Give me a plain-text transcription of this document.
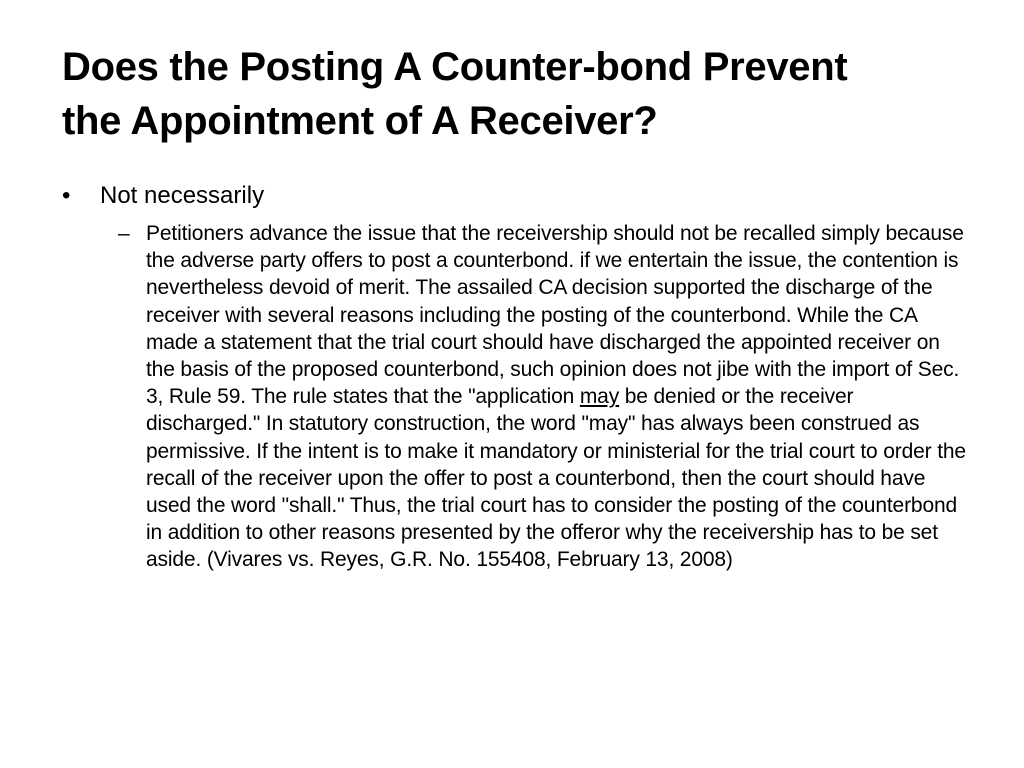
Does the Posting A Counter-bond Prevent
the Appointment of A Receiver?
• Not necessarily
– Petitioners advance the issue that the receivership should not be recalled simply because the adverse party offers to post a counterbond. if we entertain the issue, the contention is nevertheless devoid of merit. The assailed CA decision supported the discharge of the receiver with several reasons including the posting of the counterbond. While the CA made a statement that the trial court should have discharged the appointed receiver on the basis of the proposed counterbond, such opinion does not jibe with the import of Sec. 3, Rule 59. The rule states that the "application may be denied or the receiver discharged." In statutory construction, the word "may" has always been construed as permissive. If the intent is to make it mandatory or ministerial for the trial court to order the recall of the receiver upon the offer to post a counterbond, then the court should have used the word "shall." Thus, the trial court has to consider the posting of the counterbond in addition to other reasons presented by the offeror why the receivership has to be set aside. (Vivares vs. Reyes, G.R. No. 155408, February 13, 2008)
